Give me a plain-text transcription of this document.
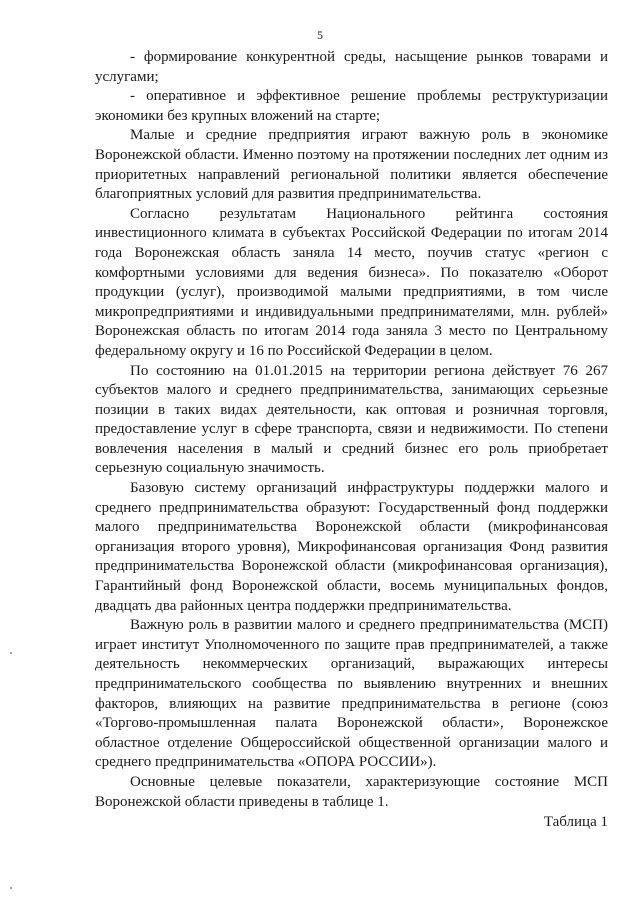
5

- формирование конкурентной среды, насыщение рынков товарами и услугами;

- оперативное и эффективное решение проблемы реструктуризации экономики без крупных вложений на старте;

Малые и средние предприятия играют важную роль в экономике Воронежской области. Именно поэтому на протяжении последних лет одним из приоритетных направлений региональной политики является обеспечение благоприятных условий для развития предпринимательства.

Согласно результатам Национального рейтинга состояния инвестиционного климата в субъектах Российской Федерации по итогам 2014 года Воронежская область заняла 14 место, поучив статус «регион с комфортными условиями для ведения бизнеса». По показателю «Оборот продукции (услуг), производимой малыми предприятиями, в том числе микропредприятиями и индивидуальными предпринимателями, млн. рублей» Воронежская область по итогам 2014 года заняла 3 место по Центральному федеральному округу и 16 по Российской Федерации в целом.

По состоянию на 01.01.2015 на территории региона действует 76 267 субъектов малого и среднего предпринимательства, занимающих серьезные позиции в таких видах деятельности, как оптовая и розничная торговля, предоставление услуг в сфере транспорта, связи и недвижимости. По степени вовлечения населения в малый и средний бизнес его роль приобретает серьезную социальную значимость.

Базовую систему организаций инфраструктуры поддержки малого и среднего предпринимательства образуют: Государственный фонд поддержки малого предпринимательства Воронежской области (микрофинансовая организация второго уровня), Микрофинансовая организация Фонд развития предпринимательства Воронежской области (микрофинансовая организация), Гарантийный фонд Воронежской области, восемь муниципальных фондов, двадцать два районных центра поддержки предпринимательства.

Важную роль в развитии малого и среднего предпринимательства (МСП) играет институт Уполномоченного по защите прав предпринимателей, а также деятельность некоммерческих организаций, выражающих интересы предпринимательского сообщества по выявлению внутренних и внешних факторов, влияющих на развитие предпринимательства в регионе (союз «Торгово-промышленная палата Воронежской области», Воронежское областное отделение Общероссийской общественной организации малого и среднего предпринимательства «ОПОРА РОССИИ»).

Основные целевые показатели, характеризующие состояние МСП Воронежской области приведены в таблице 1.

Таблица 1
